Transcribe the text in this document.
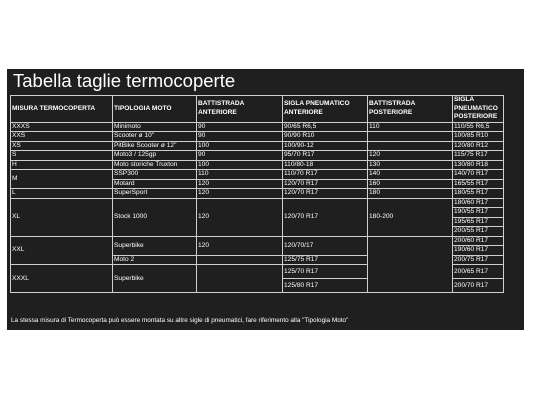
Tabella taglie termocoperte
MISURA TERMOCOPERTA	TIPOLOGIA MOTO	BATTISTRADA ANTERIORE	SIGLA PNEUMATICO ANTERIORE	BATTISTRADA POSTERIORE	SIGLA PNEUMATICO POSTERIORE
XXXS	Minimoto	90	90/65 R6,5	110	110/55 R6,5
XXS	Scooter ø 10"	90	90/90 R10		100/85 R10
XS	PitBike Scooter ø 12"	100	100/90-12		120/80 R12
S	Moto3 / 125gp	90	95/70 R17	120	115/75 R17
H	Moto storiche Truxton	100	110/80-18	130	130/80 R18
M	SSP300	110	110/70 R17	140	140/70 R17
	Motard	120	120/70 R17	160	165/55 R17
L	SuperSport	120	120/70 R17	180	180/55 R17
XL	Stock 1000	120	120/70 R17	180-200	180/60 R17
					190/55 R17
					195/65 R17
					200/55 R17
XXL	Superbike	120	120/70/17		200/60 R17
					190/60 R17
	Moto 2		125/75 R17		200/75 R17
XXXL	Superbike		125/70 R17		200/65 R17
			125/80 R17		200/70 R17
La stessa misura di Termocoperta può essere montata su altre sigle di pneumatici, fare riferimento alla "Tipologia Moto"
